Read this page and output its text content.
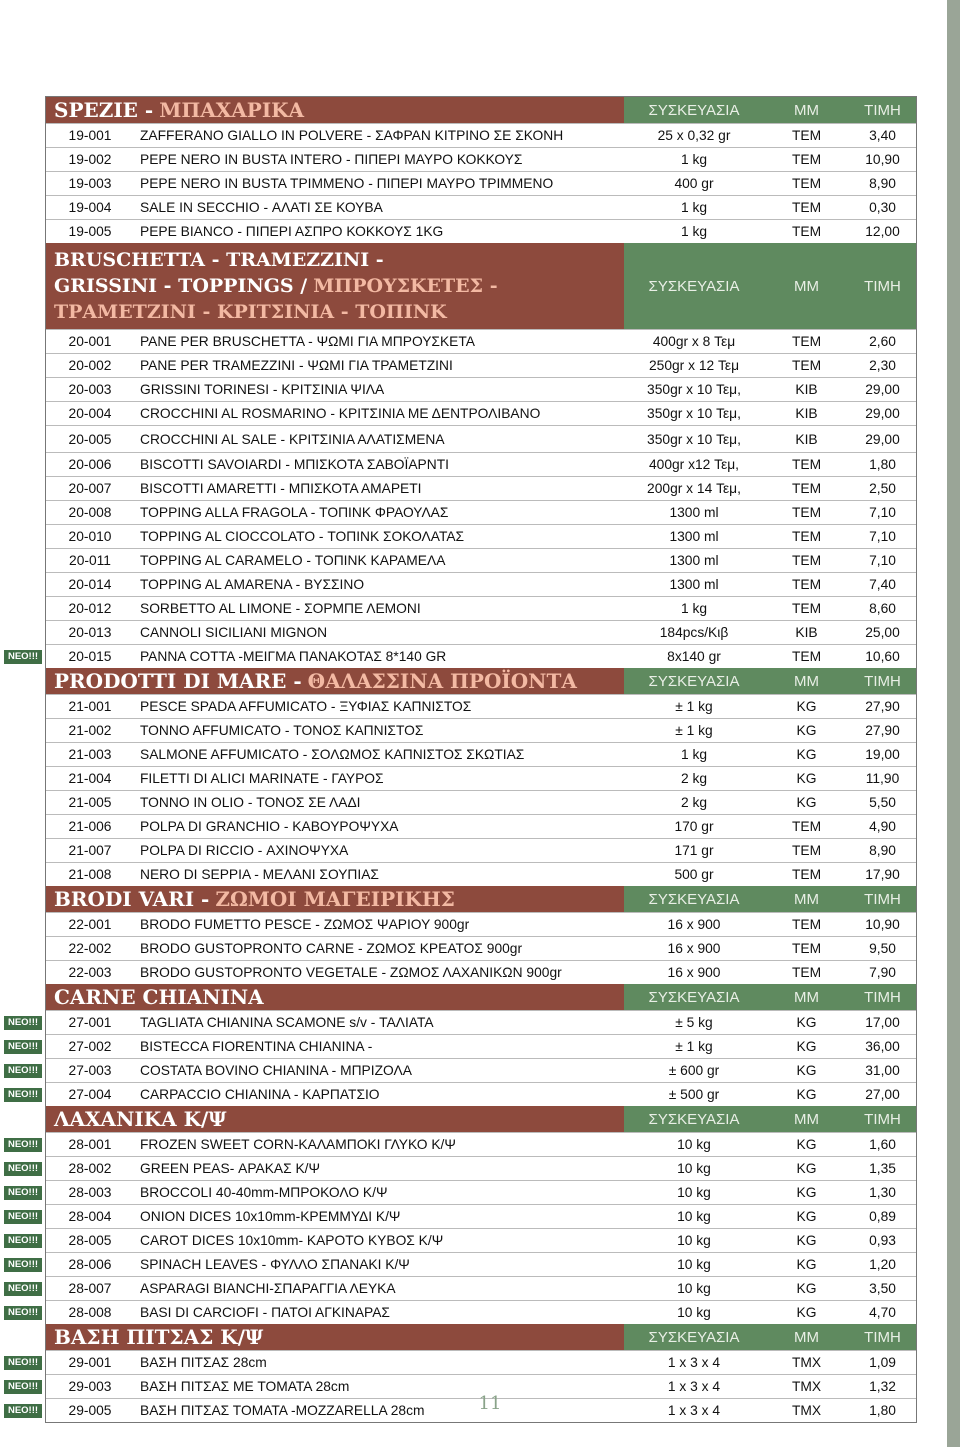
SPEZIE - ΜΠΑΧΑΡΙΚΑ	ΣΥΣΚΕΥΑΣΙΑ	MM	ΤΙΜΗ
19-001	ZAFFERANO GIALLO IN POLVERE - ΣΑΦΡΑΝ ΚΙΤΡΙΝΟ ΣΕ ΣΚΟΝΗ	25 x 0,32 gr	ΤΕΜ	3,40
19-002	PEPE NERO IN BUSTA INTERO - ΠΙΠΕΡΙ ΜΑΥΡΟ ΚΟΚΚΟΥΣ	1 kg	ΤΕΜ	10,90
19-003	PEPE NERO IN BUSTA ΤΡΙΜΜΕΝΟ - ΠΙΠΕΡΙ ΜΑΥΡΟ ΤΡΙΜΜΕΝΟ	400 gr	ΤΕΜ	8,90
19-004	SALE IN SECCHIO - ΑΛΑΤΙ ΣΕ ΚΟΥΒΑ	1 kg	ΤΕΜ	0,30
19-005	PEPE BIANCO - ΠΙΠΕΡΙ ΑΣΠΡΟ ΚΟΚΚΟΥΣ 1KG	1 kg	ΤΕΜ	12,00
BRUSCHETTA - TRAMEZZINI -
GRISSINI - TOPPINGS / ΜΠΡΟΥΣΚΕΤΕΣ -
ΤΡΑΜΕΤΖΙΝΙ - ΚΡΙΤΣΙΝΙΑ - ΤΟΠΙΝΚ
ΣΥΣΚΕΥΑΣΙΑ	MM	ΤΙΜΗ
20-001	PANE PER BRUSCHETTA - ΨΩΜΙ ΓΙΑ ΜΠΡΟΥΣΚΕΤΑ	400gr x 8 Τεμ	ΤΕΜ	2,60
20-002	PANE PER TRAMEZZINI - ΨΩΜΙ ΓΙΑ ΤΡΑΜΕΤΖΙΝΙ	250gr x 12 Τεμ	ΤΕΜ	2,30
20-003	GRISSINI TORINESI - ΚΡΙΤΣΙΝΙΑ ΨΙΛΑ	350gr x 10 Τεμ,	ΚΙΒ	29,00
20-004	CROCCHINI AL ROSMARINO - ΚΡΙΤΣΙΝΙΑ ΜΕ ΔΕΝΤΡΟΛΙΒΑΝΟ	350gr x 10 Τεμ,	ΚΙΒ	29,00
20-005	CROCCHINI AL SALE - ΚΡΙΤΣΙΝΙΑ ΑΛΑΤΙΣΜΕΝΑ	350gr x 10 Τεμ,	ΚΙΒ	29,00
20-006	BISCOTTI SAVOIARDI - ΜΠΙΣΚΟΤΑ ΣΑΒΟΪΑΡΝΤΙ	400gr x12 Τεμ,	ΤΕΜ	1,80
20-007	BISCOTTI AMARETTI - ΜΠΙΣΚΟΤΑ ΑΜΑΡΕΤΙ	200gr x 14 Τεμ,	ΤΕΜ	2,50
20-008	TOPPING ALLA FRAGOLA - ΤΟΠΙΝΚ ΦΡΑΟΥΛΑΣ	1300 ml	ΤΕΜ	7,10
20-010	TOPPING AL CIOCCOLATO - ΤΟΠΙΝΚ ΣΟΚΟΛΑΤΑΣ	1300 ml	ΤΕΜ	7,10
20-011	TOPPING AL CARAMELO - ΤΟΠΙΝΚ ΚΑΡΑΜΕΛΑ	1300 ml	ΤΕΜ	7,10
20-014	TOPPING AL AMARENA - ΒΥΣΣΙΝΟ	1300 ml	ΤΕΜ	7,40
20-012	SORBETTO AL LIMONE - ΣΟΡΜΠΕ ΛΕΜΟΝΙ	1 kg	ΤΕΜ	8,60
20-013	CANNOLI SICILIANI MIGNON	184pcs/Κιβ	ΚΙΒ	25,00
ΝΕΟ!!!	20-015	PANNA COTTA -ΜΕΙΓΜΑ ΠΑΝΑΚΟΤΑΣ 8*140 GR	8x140 gr	ΤΕΜ	10,60
PRODOTTI DI MARE - ΘΑΛΑΣΣΙΝΑ ΠΡΟΪΟΝΤΑ	ΣΥΣΚΕΥΑΣΙΑ	MM	ΤΙΜΗ
21-001	PESCE SPADA AFFUMICATO - ΞΥΦΙΑΣ ΚΑΠΝΙΣΤΟΣ	± 1 kg	KG	27,90
21-002	TONNO AFFUMICATO - ΤΟΝΟΣ ΚΑΠΝΙΣΤΟΣ	± 1 kg	KG	27,90
21-003	SALMONE AFFUMICATO - ΣΟΛΩΜΟΣ ΚΑΠΝΙΣΤΟΣ ΣΚΩΤΙΑΣ	1 kg	KG	19,00
21-004	FILETTI DI ALICI MARINATE - ΓΑΥΡΟΣ	2 kg	KG	11,90
21-005	TONNO IN OLIO - ΤΟΝΟΣ ΣΕ ΛΑΔΙ	2 kg	KG	5,50
21-006	POLPA DI GRANCHIO - ΚΑΒΟΥΡΟΨΥΧΑ	170 gr	ΤΕΜ	4,90
21-007	POLPA DI RICCIO - ΑΧΙΝΟΨΥΧΑ	171 gr	ΤΕΜ	8,90
21-008	NERO DI SEPPIA - ΜΕΛΑΝΙ ΣΟΥΠΙΑΣ	500 gr	ΤΕΜ	17,90
BRODI VARI - ΖΩΜΟΙ ΜΑΓΕΙΡΙΚΗΣ	ΣΥΣΚΕΥΑΣΙΑ	MM	ΤΙΜΗ
22-001	BRODO FUMETTO PESCE - ΖΩΜΟΣ ΨΑΡΙΟΥ 900gr	16 x 900	ΤΕΜ	10,90
22-002	BRODO GUSTOPRONTO CARNE - ΖΩΜΟΣ ΚΡΕΑΤΟΣ 900gr	16 x 900	ΤΕΜ	9,50
22-003	BRODO GUSTOPRONTO VEGETALE - ΖΩΜΟΣ ΛΑΧΑΝΙΚΩΝ 900gr	16 x 900	ΤΕΜ	7,90
CARNE CHIANINA	ΣΥΣΚΕΥΑΣΙΑ	MM	ΤΙΜΗ
ΝΕΟ!!!	27-001	TAGLIATA CHIANINA SCAMONE s/v - ΤΑΛΙΑΤΑ	± 5 kg	KG	17,00
ΝΕΟ!!!	27-002	BISTECCA FIORENTINA CHIANINA -	± 1 kg	KG	36,00
ΝΕΟ!!!	27-003	COSTATA BOVINO CHIANINA - ΜΠΡΙΖΟΛΑ	± 600 gr	KG	31,00
ΝΕΟ!!!	27-004	CARPACCIO CHIANINA - ΚΑΡΠΑΤΣΙΟ	± 500 gr	KG	27,00
ΛΑΧΑΝΙΚΑ Κ/Ψ	ΣΥΣΚΕΥΑΣΙΑ	MM	ΤΙΜΗ
ΝΕΟ!!!	28-001	FROZEN SWEET CORN-ΚΑΛΑΜΠΟΚΙ ΓΛΥΚΟ Κ/Ψ	10 kg	KG	1,60
ΝΕΟ!!!	28-002	GREEN PEAS- ΑΡΑΚΑΣ Κ/Ψ	10 kg	KG	1,35
ΝΕΟ!!!	28-003	BROCCOLI 40-40mm-ΜΠΡΟΚΟΛΟ Κ/Ψ	10 kg	KG	1,30
ΝΕΟ!!!	28-004	ONION DICES 10x10mm-ΚΡΕΜΜΥΔΙ Κ/Ψ	10 kg	KG	0,89
ΝΕΟ!!!	28-005	CAROT DICES 10x10mm- ΚΑΡΟΤΟ ΚΥΒΟΣ Κ/Ψ	10 kg	KG	0,93
ΝΕΟ!!!	28-006	SPINACH LEAVES - ΦΥΛΛΟ ΣΠΑΝΑΚΙ Κ/Ψ	10 kg	KG	1,20
ΝΕΟ!!!	28-007	ASPARAGI BIANCHI-ΣΠΑΡΑΓΓΙΑ ΛΕΥΚΑ	10 kg	KG	3,50
ΝΕΟ!!!	28-008	BASI DI CARCIOFI - ΠΑΤΟΙ ΑΓΚΙΝΑΡΑΣ	10 kg	KG	4,70
ΒΑΣΗ ΠΙΤΣΑΣ Κ/Ψ	ΣΥΣΚΕΥΑΣΙΑ	MM	ΤΙΜΗ
ΝΕΟ!!!	29-001	ΒΑΣΗ ΠΙΤΣΑΣ 28cm	1 x 3 x 4	ΤΜΧ	1,09
ΝΕΟ!!!	29-003	ΒΑΣΗ ΠΙΤΣΑΣ ΜΕ ΤΟΜΑΤΑ 28cm	1 x 3 x 4	ΤΜΧ	1,32
ΝΕΟ!!!	29-005	ΒΑΣΗ ΠΙΤΣΑΣ ΤΟΜΑΤΑ -MOZZARELLA 28cm	1 x 3 x 4	ΤΜΧ	1,80
11
